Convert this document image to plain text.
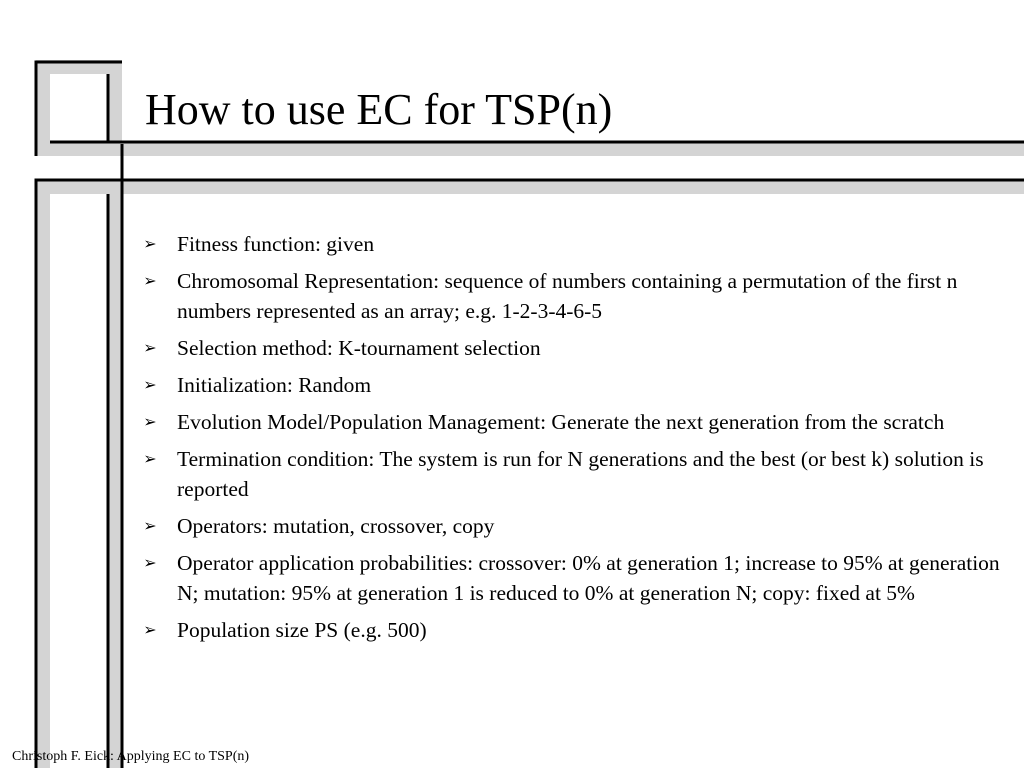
How to use EC for TSP(n)
➢ Fitness function: given
➢ Chromosomal Representation: sequence of numbers containing a permutation of the first n numbers represented as an array; e.g. 1-2-3-4-6-5
➢ Selection method: K-tournament selection
➢ Initialization: Random
➢ Evolution Model/Population Management: Generate the next generation from the scratch
➢ Termination condition: The system is run for N generations and the best (or best k) solution is reported
➢ Operators: mutation, crossover, copy
➢ Operator application probabilities: crossover: 0% at generation 1; increase to 95% at generation N; mutation: 95% at generation 1 is reduced to 0% at generation N; copy: fixed at 5%
➢ Population size PS (e.g. 500)
Christoph F. Eick: Applying EC to TSP(n)
